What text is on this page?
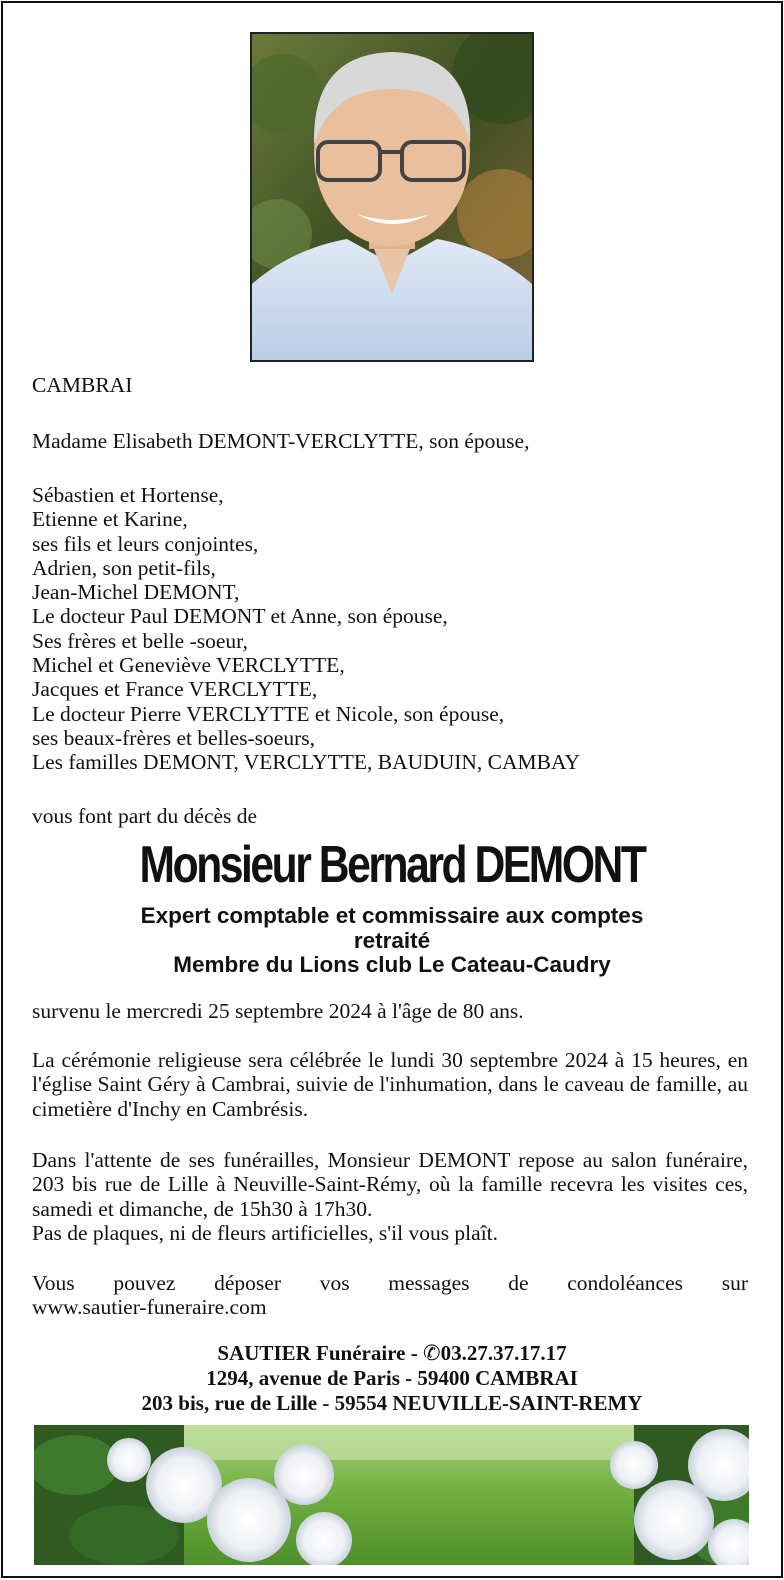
CAMBRAI

Madame Elisabeth DEMONT-VERCLYTTE, son épouse,

Sébastien et Hortense,
Etienne et Karine,
ses fils et leurs conjointes,
Adrien, son petit-fils,
Jean-Michel DEMONT,
Le docteur Paul DEMONT et Anne, son épouse,
Ses frères et belle -soeur,
Michel et Geneviève VERCLYTTE,
Jacques et France VERCLYTTE,
Le docteur Pierre VERCLYTTE et Nicole, son épouse,
ses beaux-frères et belles-soeurs,
Les familles DEMONT, VERCLYTTE, BAUDUIN, CAMBAY

vous font part du décès de

Monsieur Bernard DEMONT
Expert comptable et commissaire aux comptes
retraité
Membre du Lions club Le Cateau-Caudry

survenu le mercredi 25 septembre 2024 à l'âge de 80 ans.

La cérémonie religieuse sera célébrée le lundi 30 septembre 2024 à 15 heures, en l'église Saint Géry à Cambrai, suivie de l'inhumation, dans le caveau de famille, au cimetière d'Inchy en Cambrésis.

Dans l'attente de ses funérailles, Monsieur DEMONT repose au salon funéraire, 203 bis rue de Lille à Neuville-Saint-Rémy, où la famille recevra les visites ces, samedi et dimanche, de 15h30 à 17h30.
Pas de plaques, ni de fleurs artificielles, s'il vous plaît.

Vous pouvez déposer vos messages de condoléances sur
www.sautier-funeraire.com

SAUTIER Funéraire - ✆03.27.37.17.17
1294, avenue de Paris - 59400 CAMBRAI
203 bis, rue de Lille - 59554 NEUVILLE-SAINT-REMY
